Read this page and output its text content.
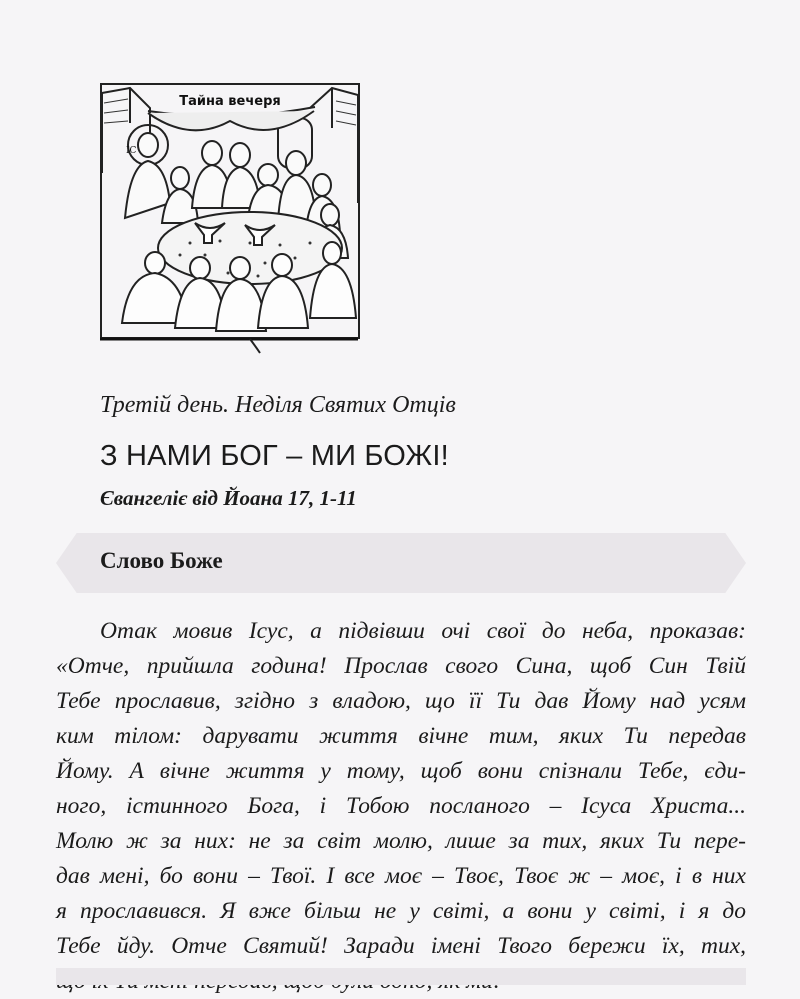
Тайна вечеря
IC
Третій день. Неділя Святих Отців
З НАМИ БОГ – МИ БОЖІ!
Євангеліє від Йоана 17, 1-11
Слово Боже
Отак мовив Ісус, а підвівши очі свої до неба, проказав:
«Отче, прийшла година! Прослав свого Сина, щоб Син Твій
Тебе прославив, згідно з владою, що її Ти дав Йому над усям
ким тілом: дарувати життя вічне тим, яких Ти передав
Йому. А вічне життя у тому, щоб вони спізнали Тебе, єди-
ного, істинного Бога, і Тобою посланого – Ісуса Христа...
Молю ж за них: не за світ молю, лише за тих, яких Ти пере-
дав мені, бо вони – Твої. І все моє – Твоє, Твоє ж – моє, і в них
я прославився. Я вже більш не у світі, а вони у світі, і я до
Тебе йду. Отче Святий! Заради імені Твого бережи їх, тих,
